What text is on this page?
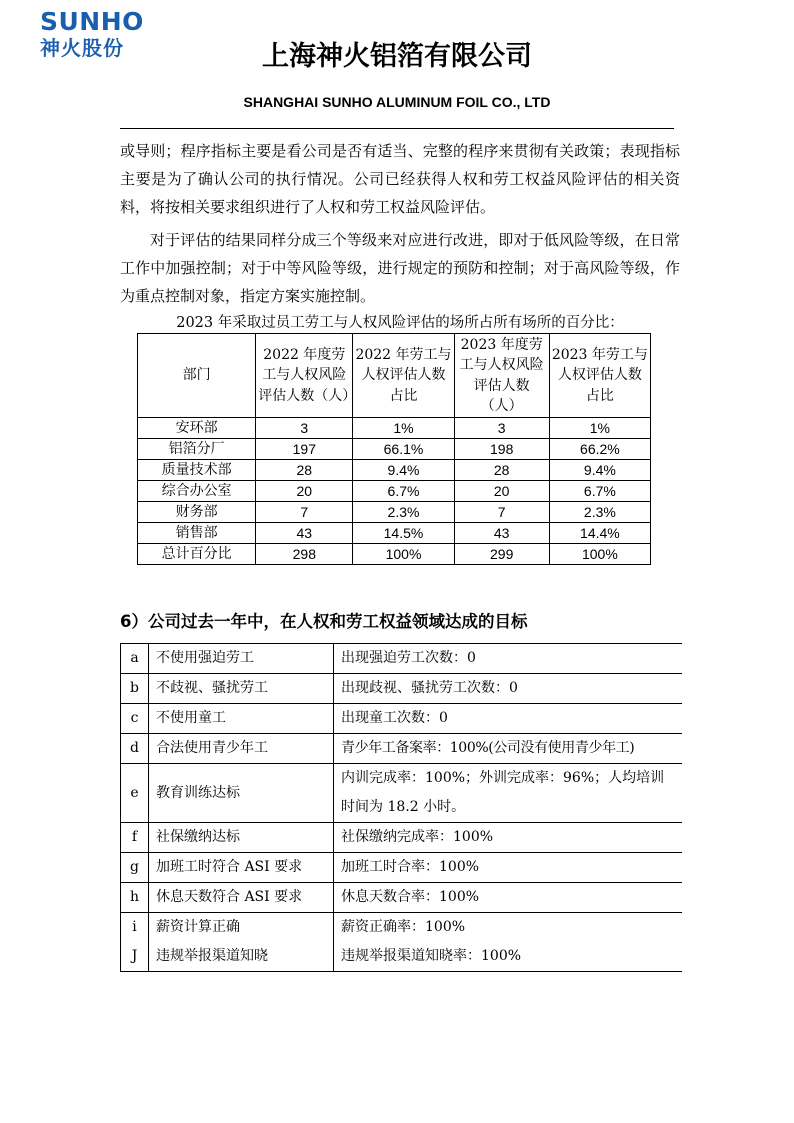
SUNHO
神火股份	上海神火铝箔有限公司
SHANGHAI SUNHO ALUMINUM FOIL CO., LTD
或导则；程序指标主要是看公司是否有适当、完整的程序来贯彻有关政策；表现指标主要是为了确认公司的执行情况。公司已经获得人权和劳工权益风险评估的相关资料，将按相关要求组织进行了人权和劳工权益风险评估。
对于评估的结果同样分成三个等级来对应进行改进，即对于低风险等级，在日常工作中加强控制；对于中等风险等级，进行规定的预防和控制；对于高风险等级，作为重点控制对象，指定方案实施控制。
2023 年采取过员工劳工与人权风险评估的场所占所有场所的百分比：
部门	2022 年度劳工与人权风险评估人数（人）	2022 年劳工与人权评估人数占比	2023 年度劳工与人权风险评估人数（人）	2023 年劳工与人权评估人数占比
安环部	3	1%	3	1%
铝箔分厂	197	66.1%	198	66.2%
质量技术部	28	9.4%	28	9.4%
综合办公室	20	6.7%	20	6.7%
财务部	7	2.3%	7	2.3%
销售部	43	14.5%	43	14.4%
总计百分比	298	100%	299	100%
6）公司过去一年中，在人权和劳工权益领域达成的目标
a	不使用强迫劳工	出现强迫劳工次数：0
b	不歧视、骚扰劳工	出现歧视、骚扰劳工次数：0
c	不使用童工	出现童工次数：0
d	合法使用青少年工	青少年工备案率：100%(公司没有使用青少年工)
e	教育训练达标	内训完成率：100%；外训完成率：96%；人均培训时间为 18.2 小时。
f	社保缴纳达标	社保缴纳完成率：100%
g	加班工时符合 ASI 要求	加班工时合率：100%
h	休息天数符合 ASI 要求	休息天数合率：100%
i	薪资计算正确	薪资正确率：100%
J	违规举报渠道知晓	违规举报渠道知晓率：100%
